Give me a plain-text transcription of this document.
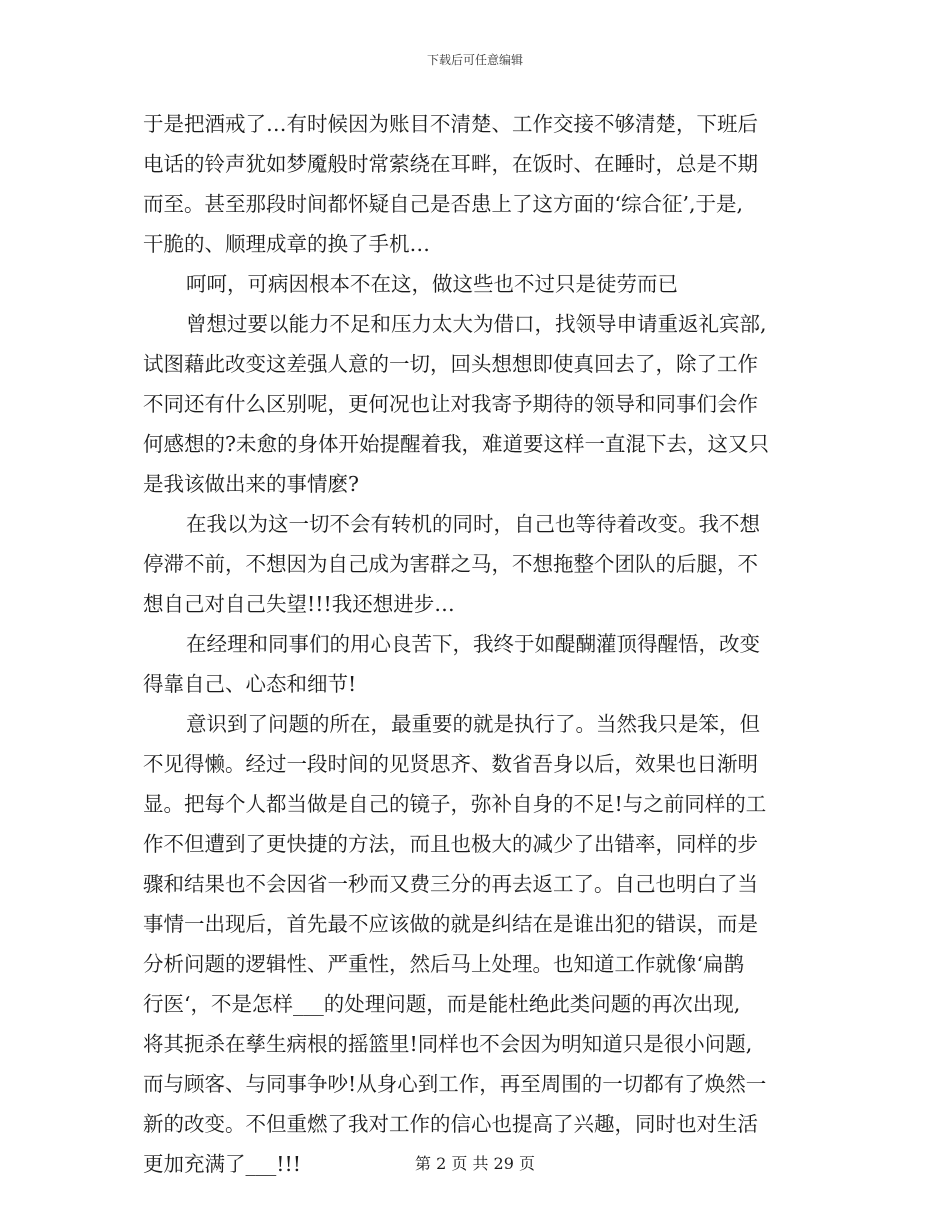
下载后可任意编辑
于是把酒戒了…有时候因为账目不清楚、工作交接不够清楚，下班后
电话的铃声犹如梦魇般时常萦绕在耳畔，在饭时、在睡时，总是不期
而至。甚至那段时间都怀疑自己是否患上了这方面的‘综合征’,于是,
干脆的、顺理成章的换了手机…
呵呵，可病因根本不在这，做这些也不过只是徒劳而已
曾想过要以能力不足和压力太大为借口，找领导申请重返礼宾部,
试图藉此改变这差强人意的一切，回头想想即使真回去了，除了工作
不同还有什么区别呢，更何况也让对我寄予期待的领导和同事们会作
何感想的?未愈的身体开始提醒着我，难道要这样一直混下去，这又只
是我该做出来的事情麽?
在我以为这一切不会有转机的同时，自己也等待着改变。我不想
停滞不前，不想因为自己成为害群之马，不想拖整个团队的后腿，不
想自己对自己失望!!!我还想进步…
在经理和同事们的用心良苦下，我终于如醍醐灌顶得醒悟，改变
得靠自己、心态和细节!
意识到了问题的所在，最重要的就是执行了。当然我只是笨，但
不见得懒。经过一段时间的见贤思齐、数省吾身以后，效果也日渐明
显。把每个人都当做是自己的镜子，弥补自身的不足!与之前同样的工
作不但遭到了更快捷的方法，而且也极大的减少了出错率，同样的步
骤和结果也不会因省一秒而又费三分的再去返工了。自己也明白了当
事情一出现后，首先最不应该做的就是纠结在是谁出犯的错误，而是
分析问题的逻辑性、严重性，然后马上处理。也知道工作就像‘扁鹊
行医‘，不是怎样___的处理问题，而是能杜绝此类问题的再次出现,
将其扼杀在孳生病根的摇篮里!同样也不会因为明知道只是很小问题,
而与顾客、与同事争吵!从身心到工作，再至周围的一切都有了焕然一
新的改变。不但重燃了我对工作的信心也提高了兴趣，同时也对生活
更加充满了___!!!	第 2 页 共 29 页
